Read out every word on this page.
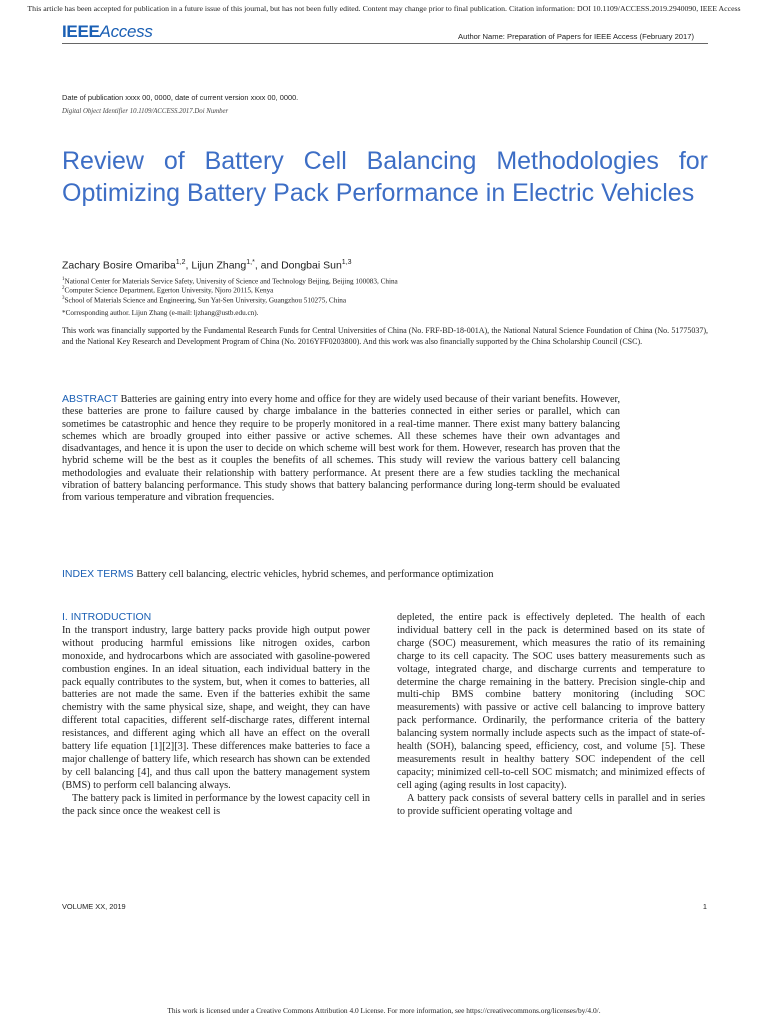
This article has been accepted for publication in a future issue of this journal, but has not been fully edited. Content may change prior to final publication. Citation information: DOI 10.1109/ACCESS.2019.2940090, IEEE Access
IEEEAccess	Author Name: Preparation of Papers for IEEE Access (February 2017)
Date of publication xxxx 00, 0000, date of current version xxxx 00, 0000.
Digital Object Identifier 10.1109/ACCESS.2017.Doi Number
Review of Battery Cell Balancing Methodologies for Optimizing Battery Pack Performance in Electric Vehicles
Zachary Bosire Omariba$^{1,2}$, Lijun Zhang$^{1,*}$, and Dongbai Sun$^{1,3}$
$^1$National Center for Materials Service Safety, University of Science and Technology Beijing, Beijing 100083, China
$^2$Computer Science Department, Egerton University, Njoro 20115, Kenya
$^3$School of Materials Science and Engineering, Sun Yat-Sen University, Guangzhou 510275, China
*Corresponding author. Lijun Zhang (e-mail: ljzhang@ustb.edu.cn).
This work was financially supported by the Fundamental Research Funds for Central Universities of China (No. FRF-BD-18-001A), the National Natural Science Foundation of China (No. 51775037), and the National Key Research and Development Program of China (No. 2016YFF0203800). And this work was also financially supported by the China Scholarship Council (CSC).
ABSTRACT Batteries are gaining entry into every home and office for they are widely used because of their variant benefits. However, these batteries are prone to failure caused by charge imbalance in the batteries connected in either series or parallel, which can sometimes be catastrophic and hence they require to be properly monitored in a real-time manner. There exist many battery balancing schemes which are broadly grouped into either passive or active schemes. All these schemes have their own advantages and disadvantages, and hence it is upon the user to decide on which scheme will best work for them. However, research has proven that the hybrid scheme will be the best as it couples the benefits of all schemes. This study will review the various battery cell balancing methodologies and evaluate their relationship with battery performance. At present there are a few studies tackling the mechanical vibration of battery balancing performance. This study shows that battery balancing performance during long-term should be evaluated from various temperature and vibration frequencies.
INDEX TERMS Battery cell balancing, electric vehicles, hybrid schemes, and performance optimization
I. INTRODUCTION

In the transport industry, large battery packs provide high output power without producing harmful emissions like nitrogen oxides, carbon monoxide, and hydrocarbons which are associated with gasoline-powered combustion engines. In an ideal situation, each individual battery in the pack equally contributes to the system, but, when it comes to batteries, all batteries are not made the same. Even if the batteries exhibit the same chemistry with the same physical size, shape, and weight, they can have different total capacities, different self-discharge rates, different internal resistances, and different aging which all have an effect on the overall battery life equation [1][2][3]. These differences make batteries to face a major challenge of battery life, which research has shown can be extended by cell balancing [4], and thus call upon the battery management system (BMS) to perform cell balancing always.

The battery pack is limited in performance by the lowest capacity cell in the pack since once the weakest cell is

depleted, the entire pack is effectively depleted. The health of each individual battery cell in the pack is determined based on its state of charge (SOC) measurement, which measures the ratio of its remaining charge to its cell capacity. The SOC uses battery measurements such as voltage, integrated charge, and discharge currents and temperature to determine the charge remaining in the battery. Precision single-chip and multi-chip BMS combine battery monitoring (including SOC measurements) with passive or active cell balancing to improve battery pack performance. Ordinarily, the performance criteria of the battery balancing system normally include aspects such as the impact of state-of-health (SOH), balancing speed, efficiency, cost, and volume [5]. These measurements result in healthy battery SOC independent of the cell capacity; minimized cell-to-cell SOC mismatch; and minimized effects of cell aging (aging results in lost capacity).

A battery pack consists of several battery cells in parallel and in series to provide sufficient operating voltage and

VOLUME XX, 2019	1
This work is licensed under a Creative Commons Attribution 4.0 License. For more information, see https://creativecommons.org/licenses/by/4.0/.
